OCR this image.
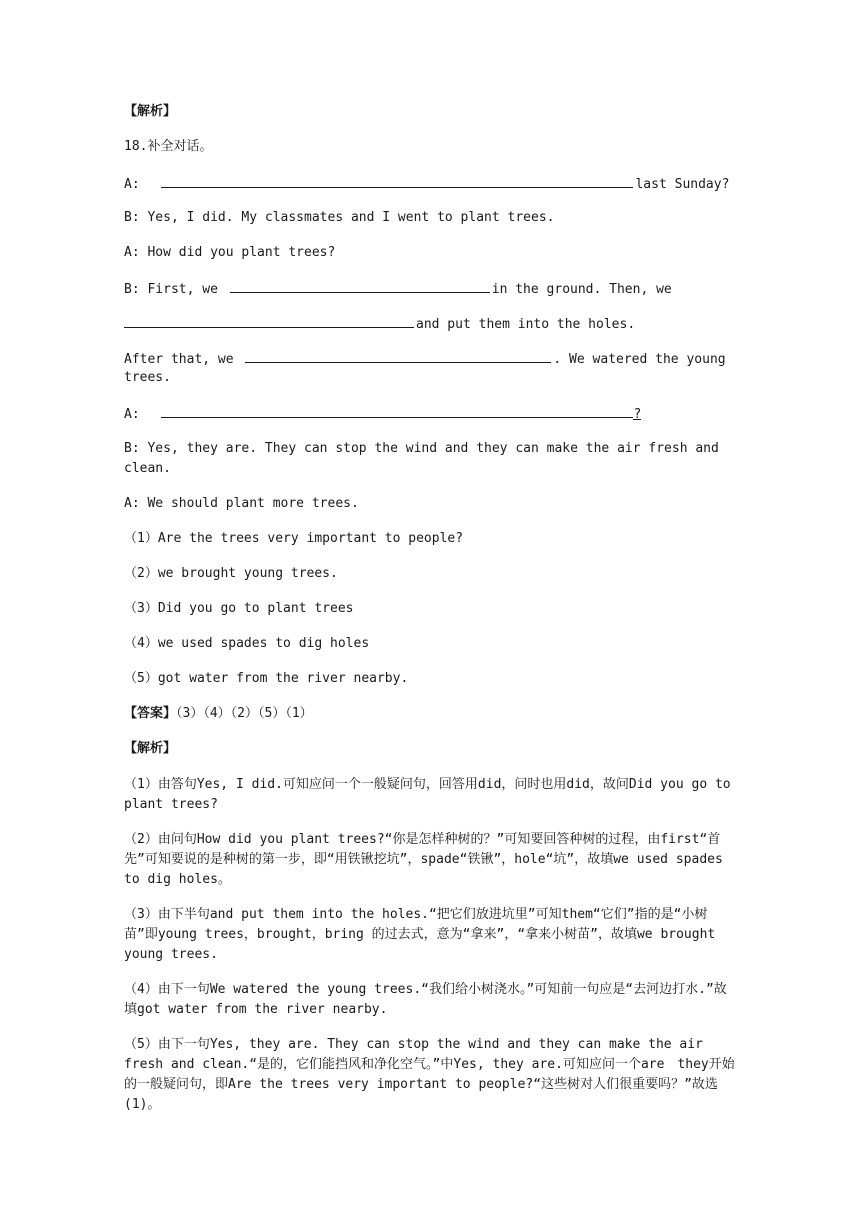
【解析】
18.补全对话。
A:	last Sunday?
B: Yes, I did. My classmates and I went to plant trees.
A: How did you plant trees?
B: First, we	in the ground. Then, we
and put them into the holes.
After that, we	. We watered the young
trees.
A:	?
B: Yes, they are. They can stop the wind and they can make the air fresh and clean.
A: We should plant more trees.
（1）Are the trees very important to people?
（2）we brought young trees.
（3）Did you go to plant trees
（4）we used spades to dig holes
（5）got water from the river nearby.
【答案】（3）（4）（2）（5）（1）
【解析】
（1）由答句Yes, I did.可知应问一个一般疑问句，回答用did，问时也用did，故问Did you go to plant trees?
（2）由问句How did you plant trees?“你是怎样种树的？”可知要回答种树的过程，由first“首先”可知要说的是种树的第一步，即“用铁锹挖坑”，spade“铁锹”，hole“坑”，故填we used spades to dig holes。
（3）由下半句and put them into the holes.“把它们放进坑里”可知them“它们”指的是“小树苗”即young trees，brought，bring 的过去式，意为“拿来”，“拿来小树苗”，故填we brought young trees.
（4）由下一句We watered the young trees.“我们给小树浇水。”可知前一句应是“去河边打水.”故填got water from the river nearby.
（5）由下一句Yes, they are. They can stop the wind and they can make the air fresh and clean.“是的，它们能挡风和净化空气。”中Yes, they are.可知应问一个are　they开始的一般疑问句，即Are the trees very important to people?“这些树对人们很重要吗？”故选(1)。
